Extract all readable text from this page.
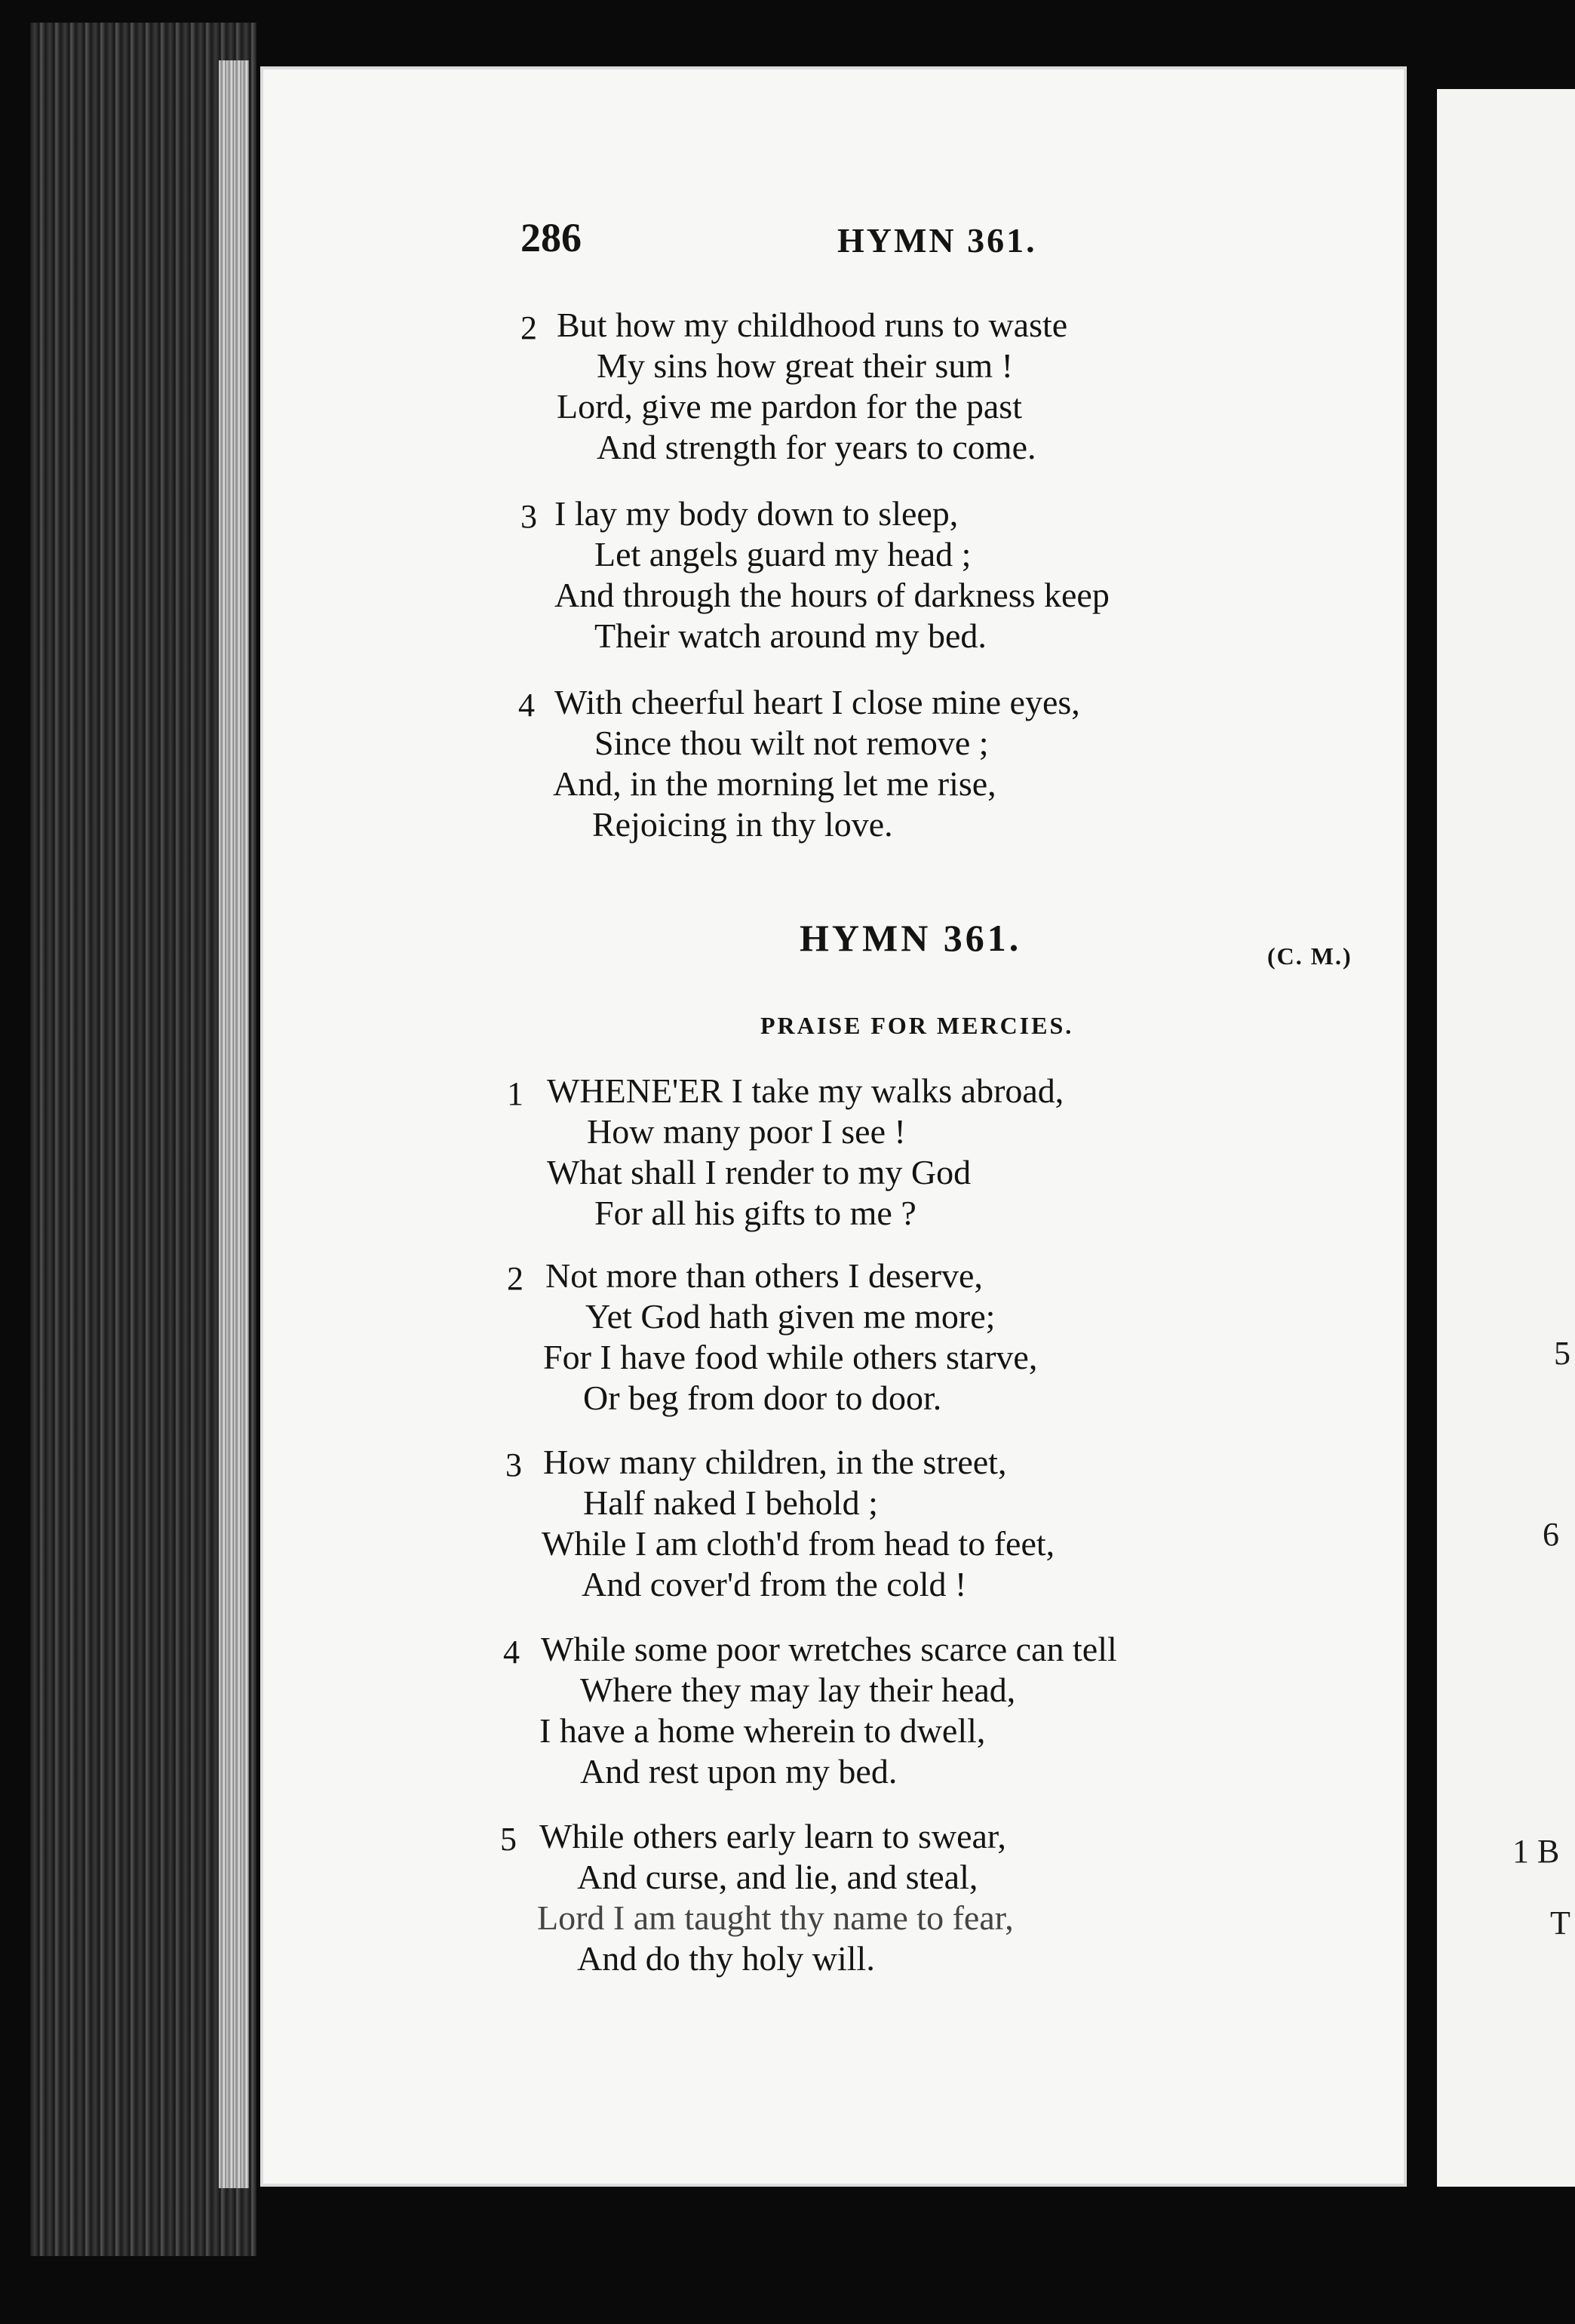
286	HYMN 361.
2 But how my childhood runs to waste
My sins how great their sum !
Lord, give me pardon for the past
And strength for years to come.
3 I lay my body down to sleep,
Let angels guard my head ;
And through the hours of darkness keep
Their watch around my bed.
4 With cheerful heart I close mine eyes,
Since thou wilt not remove ;
And, in the morning let me rise,
Rejoicing in thy love.
HYMN 361.	(C. M.)
PRAISE FOR MERCIES.
1 WHENE'ER I take my walks abroad,
How many poor I see !
What shall I render to my God
For all his gifts to me ?
2 Not more than others I deserve,
Yet God hath given me more;
For I have food while others starve,
Or beg from door to door.
3 How many children, in the street,
Half naked I behold ;
While I am cloth'd from head to feet,
And cover'd from the cold !
4 While some poor wretches scarce can tell
Where they may lay their head,
I have a home wherein to dwell,
And rest upon my bed.
5 While others early learn to swear,
And curse, and lie, and steal,
Lord I am taught thy name to fear,
And do thy holy will.
5
6
1 B
T
